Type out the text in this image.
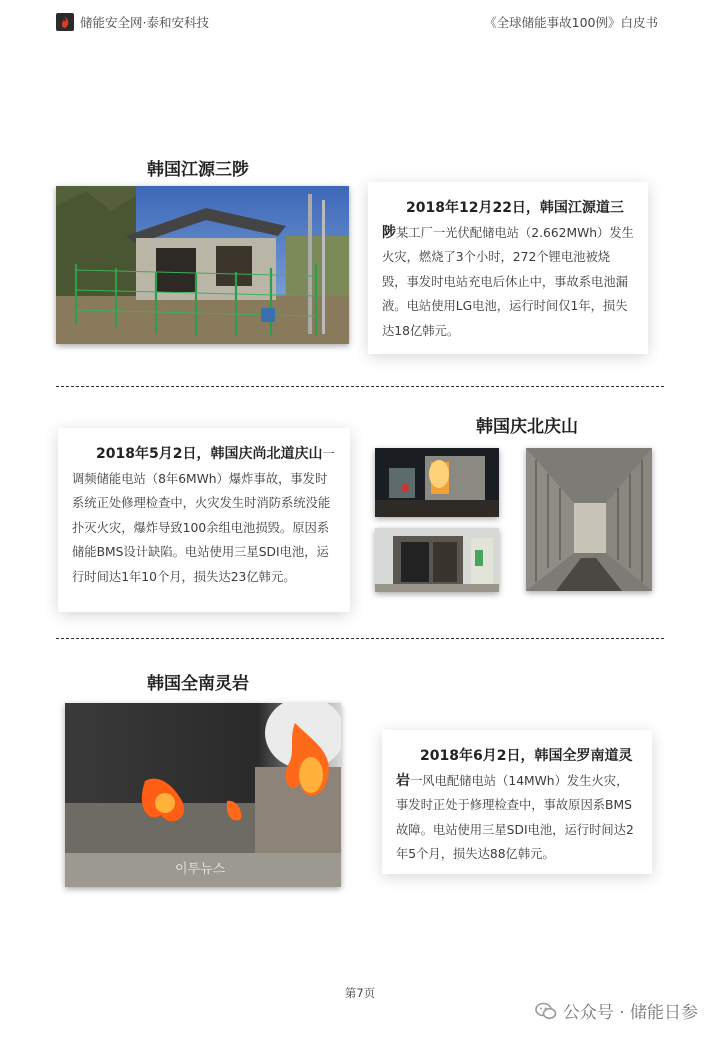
储能安全网·泰和安科技	《全球储能事故100例》白皮书
韩国江源三陟

2018年12月22日，韩国江源道三陟某工厂一光伏配储电站（2.662MWh）发生火灾，燃烧了3个小时，272个锂电池被烧毁，事发时电站充电后休止中，事故系电池漏液。电站使用LG电池，运行时间仅1年，损失达18亿韩元。

韩国庆北庆山

2018年5月2日，韩国庆尚北道庆山一调频储能电站（8年6MWh）爆炸事故，事发时系统正处修理检查中，火灾发生时消防系统没能扑灭火灾，爆炸导致100余组电池损毁。原因系储能BMS设计缺陷。电站使用三星SDI电池，运行时间达1年10个月，损失达23亿韩元。

韩国全南灵岩
이투뉴스

2018年6月2日，韩国全罗南道灵岩一风电配储电站（14MWh）发生火灾，事发时正处于修理检查中，事故原因系BMS故障。电站使用三星SDI电池，运行时间达2年5个月，损失达88亿韩元。

第7页
公众号 · 储能日参
